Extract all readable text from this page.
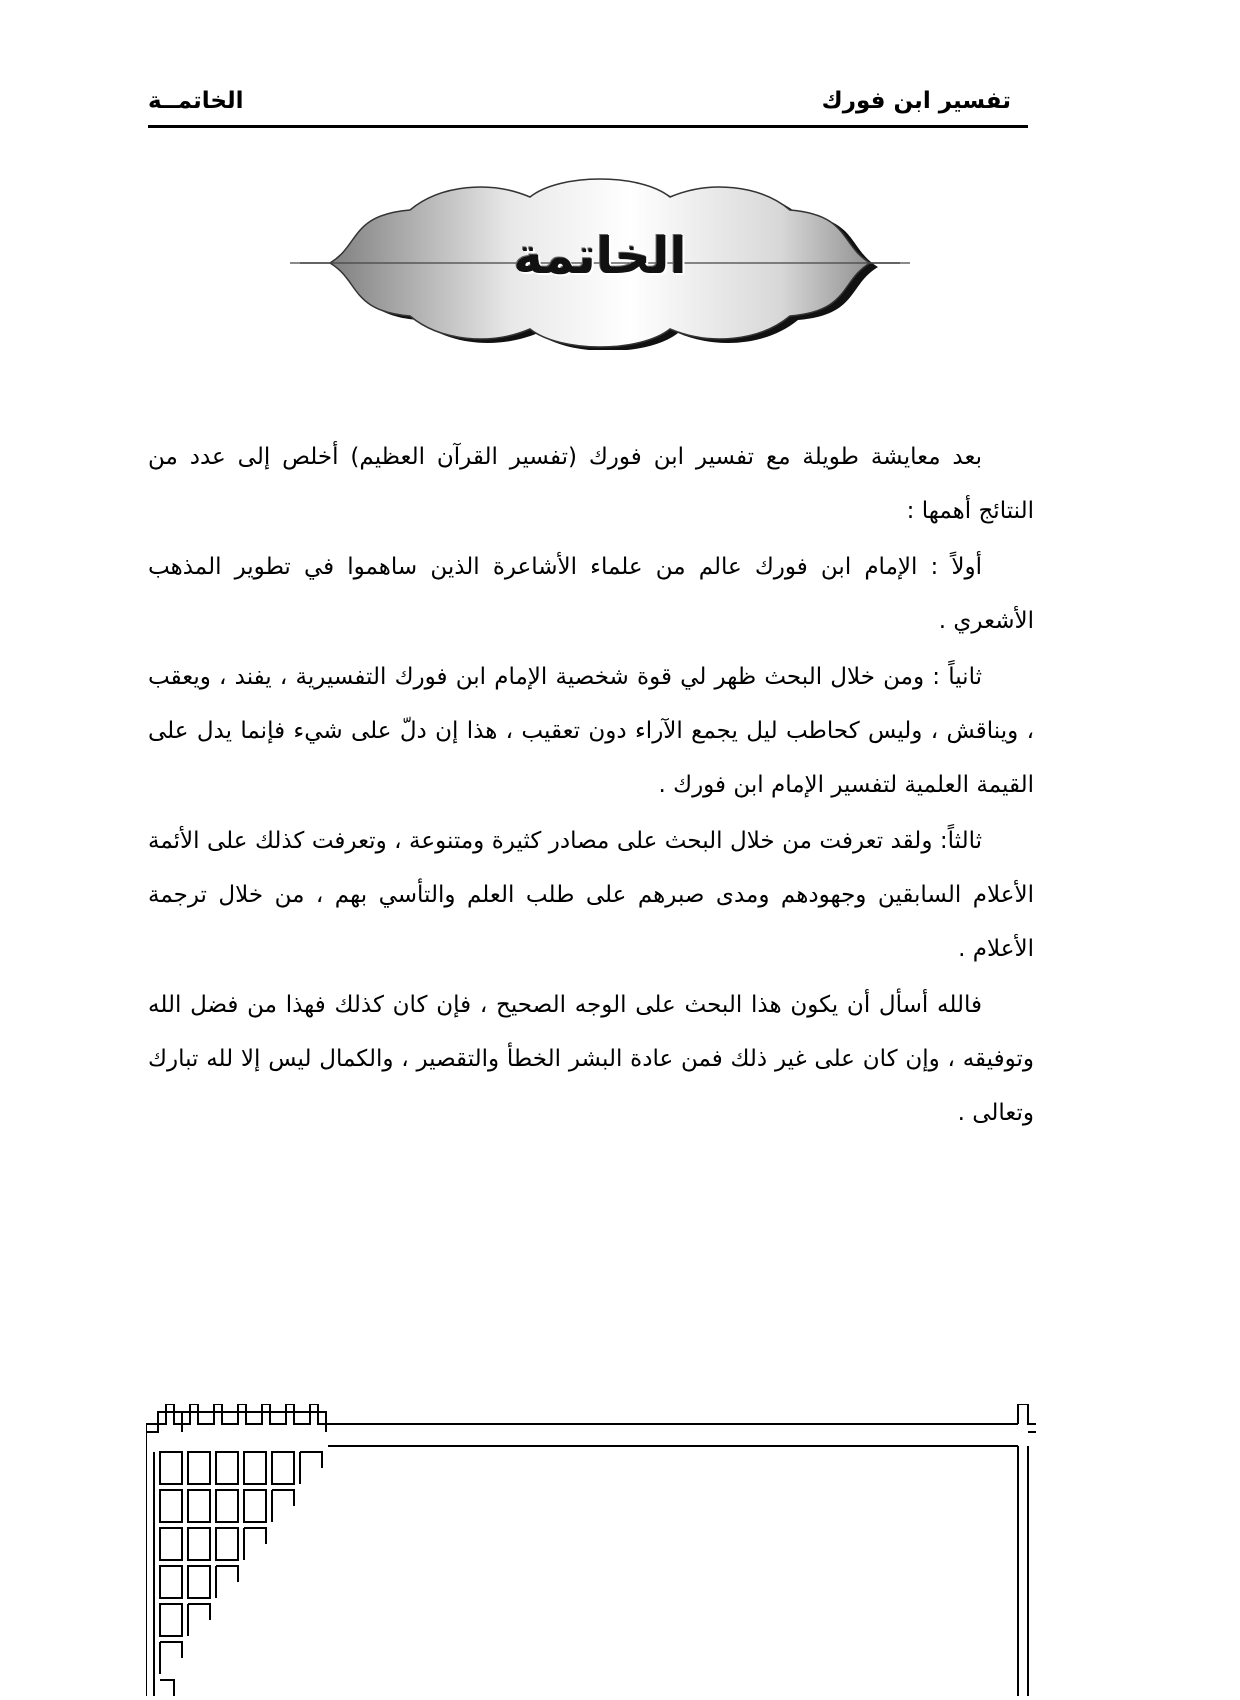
تفسير ابن فورك
الخاتمــة
الخاتمة

بعد معايشة طويلة مع تفسير ابن فورك (تفسير القرآن العظيم) أخلص إلى عدد من النتائج أهمها :

أولاً : الإمام ابن فورك عالم من علماء الأشاعرة الذين ساهموا في تطوير المذهب الأشعري .

ثانياً : ومن خلال البحث ظهر لي قوة شخصية الإمام ابن فورك التفسيرية ، يفند ، ويعقب ، ويناقش ، وليس كحاطب ليل يجمع الآراء دون تعقيب ، هذا إن دلّ على شيء فإنما يدل على القيمة العلمية لتفسير الإمام ابن فورك .

ثالثاً: ولقد تعرفت من خلال البحث على مصادر كثيرة ومتنوعة ، وتعرفت كذلك على الأئمة الأعلام السابقين وجهودهم ومدى صبرهم على طلب العلم والتأسي بهم ، من خلال ترجمة الأعلام .

فالله أسأل أن يكون هذا البحث على الوجه الصحيح ، فإن كان كذلك فهذا من فضل الله وتوفيقه ، وإن كان على غير ذلك فمن عادة البشر الخطأ والتقصير ، والكمال ليس إلا لله تبارك وتعالى .
